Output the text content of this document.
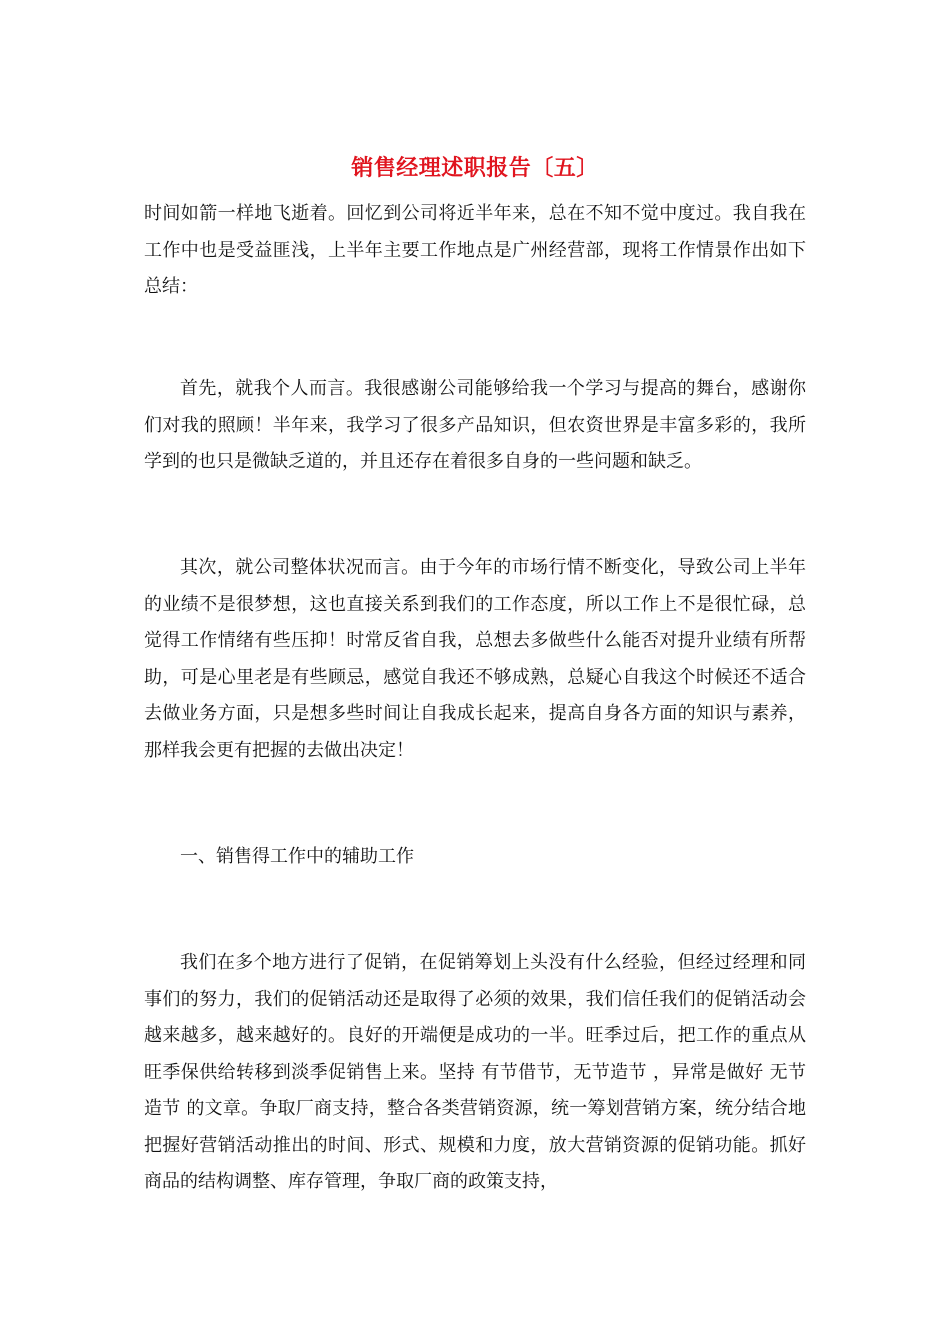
销售经理述职报告〔五〕

时间如箭一样地飞逝着。回忆到公司将近半年来，总在不知不觉中度过。我自我在工作中也是受益匪浅，上半年主要工作地点是广州经营部，现将工作情景作出如下总结：

首先，就我个人而言。我很感谢公司能够给我一个学习与提高的舞台，感谢你们对我的照顾！半年来，我学习了很多产品知识，但农资世界是丰富多彩的，我所学到的也只是微缺乏道的，并且还存在着很多自身的一些问题和缺乏。

其次，就公司整体状况而言。由于今年的市场行情不断变化，导致公司上半年的业绩不是很梦想，这也直接关系到我们的工作态度，所以工作上不是很忙碌，总觉得工作情绪有些压抑！时常反省自我，总想去多做些什么能否对提升业绩有所帮助，可是心里老是有些顾忌，感觉自我还不够成熟，总疑心自我这个时候还不适合去做业务方面，只是想多些时间让自我成长起来，提高自身各方面的知识与素养，那样我会更有把握的去做出决定！

一、销售得工作中的辅助工作

我们在多个地方进行了促销，在促销筹划上头没有什么经验，但经过经理和同事们的努力，我们的促销活动还是取得了必须的效果，我们信任我们的促销活动会越来越多，越来越好的。良好的开端便是成功的一半。旺季过后，把工作的重点从旺季保供给转移到淡季促销售上来。坚持 有节借节，无节造节 ，异常是做好 无节造节 的文章。争取厂商支持，整合各类营销资源，统一筹划营销方案，统分结合地把握好营销活动推出的时间、形式、规模和力度，放大营销资源的促销功能。抓好商品的结构调整、库存管理，争取厂商的政策支持，
